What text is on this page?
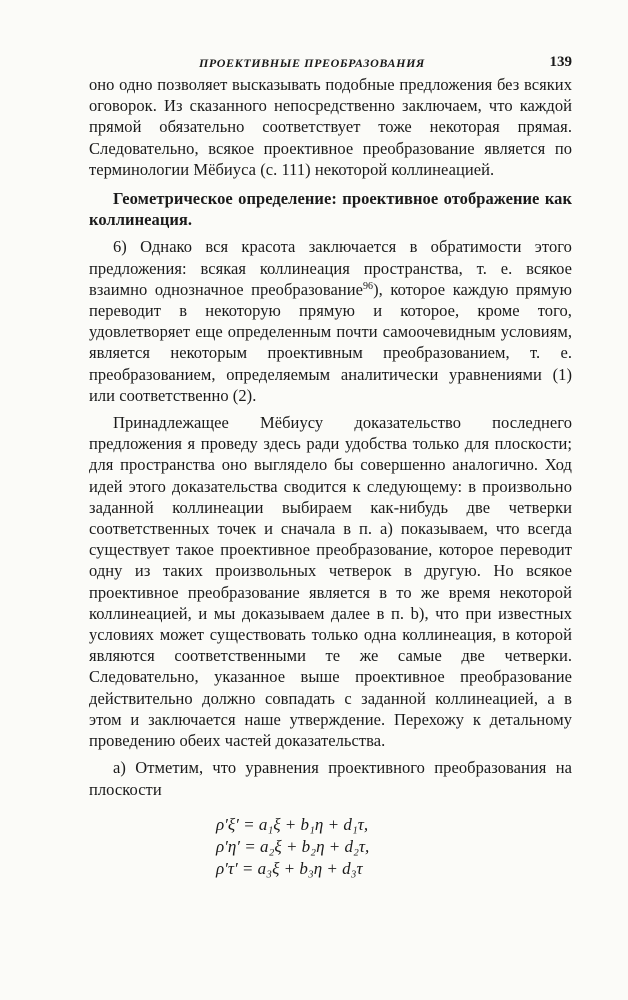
ПРОЕКТИВНЫЕ ПРЕОБРАЗОВАНИЯ	139

оно одно позволяет высказывать подобные предложения без всяких оговорок. Из сказанного непосредственно заключаем, что каждой прямой обязательно соответствует тоже некоторая прямая. Следовательно, всякое проективное преобразование является по терминологии Мёбиуса (с. 111) некоторой коллинеацией.

Геометрическое определение: проективное отображение как коллинеация.

6) Однако вся красота заключается в обратимости этого предложения: всякая коллинеация пространства, т. е. всякое взаимно однозначное преобразование$^{96}$), которое каждую прямую переводит в некоторую прямую и которое, кроме того, удовлетворяет еще определенным почти самоочевидным условиям, является некоторым проективным преобразованием, т. е. преобразованием, определяемым аналитически уравнениями (1) или соответственно (2).

Принадлежащее Мёбиусу доказательство последнего предложения я проведу здесь ради удобства только для плоскости; для пространства оно выглядело бы совершенно аналогично. Ход идей этого доказательства сводится к следующему: в произвольно заданной коллинеации выбираем как-нибудь две четверки соответственных точек и сначала в п. а) показываем, что всегда существует такое проективное преобразование, которое переводит одну из таких произвольных четверок в другую. Но всякое проективное преобразование является в то же время некоторой коллинеацией, и мы доказываем далее в п. b), что при известных условиях может существовать только одна коллинеация, в которой являются соответственными те же самые две четверки. Следовательно, указанное выше проективное преобразование действительно должно совпадать с заданной коллинеацией, а в этом и заключается наше утверждение. Перехожу к детальному проведению обеих частей доказательства.

а) Отметим, что уравнения проективного преобразования на плоскости

ρ′ξ′ = a₁ξ + b₁η + d₁τ,
ρ′η′ = a₂ξ + b₂η + d₂τ,
ρ′τ′ = a₃ξ + b₃η + d₃τ
